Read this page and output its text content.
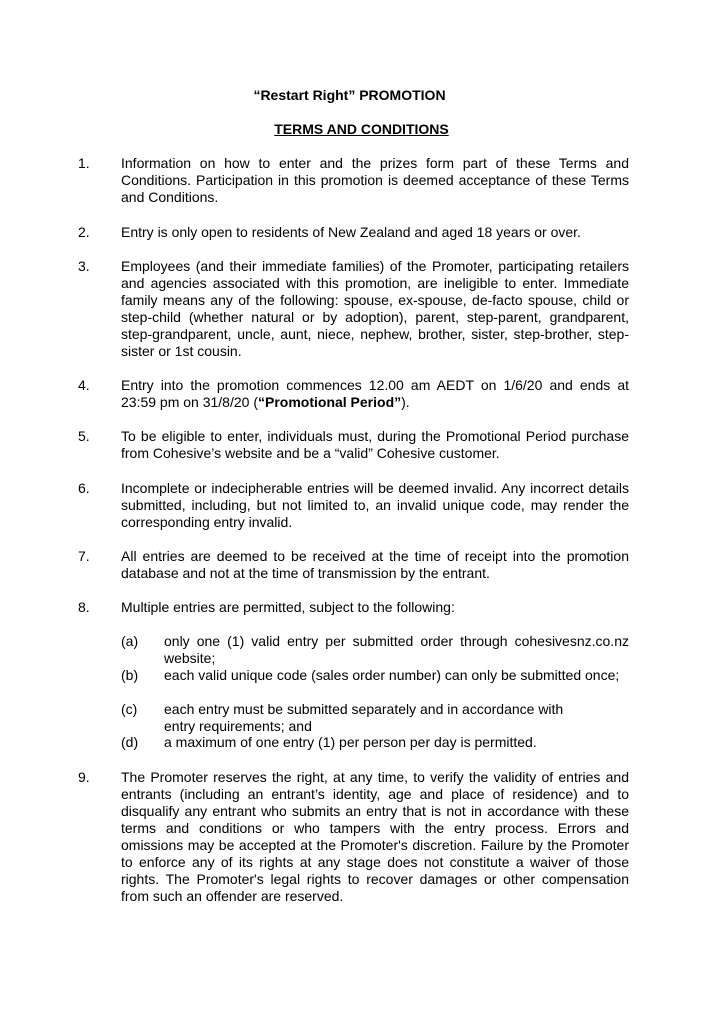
“Restart Right” PROMOTION
TERMS AND CONDITIONS
1.	Information on how to enter and the prizes form part of these Terms and Conditions. Participation in this promotion is deemed acceptance of these Terms and Conditions.
2.	Entry is only open to residents of New Zealand and aged 18 years or over.
3.	Employees (and their immediate families) of the Promoter, participating retailers and agencies associated with this promotion, are ineligible to enter. Immediate family means any of the following: spouse, ex-spouse, de-facto spouse, child or step-child (whether natural or by adoption), parent, step-parent, grandparent, step-grandparent, uncle, aunt, niece, nephew, brother, sister, step-brother, step-sister or 1st cousin.
4.	Entry into the promotion commences 12.00 am AEDT on 1/6/20 and ends at 23:59 pm on 31/8/20 (“Promotional Period”).
5.	To be eligible to enter, individuals must, during the Promotional Period purchase from Cohesive’s website and be a “valid” Cohesive customer.
6.	Incomplete or indecipherable entries will be deemed invalid. Any incorrect details submitted, including, but not limited to, an invalid unique code, may render the corresponding entry invalid.
7.	All entries are deemed to be received at the time of receipt into the promotion database and not at the time of transmission by the entrant.
8.	Multiple entries are permitted, subject to the following:
(a) only one (1) valid entry per submitted order through cohesivesnz.co.nz website;
(b) each valid unique code (sales order number) can only be submitted once;
(c) each entry must be submitted separately and in accordance with entry requirements; and
(d) a maximum of one entry (1) per person per day is permitted.
9.	The Promoter reserves the right, at any time, to verify the validity of entries and entrants (including an entrant’s identity, age and place of residence) and to disqualify any entrant who submits an entry that is not in accordance with these terms and conditions or who tampers with the entry process. Errors and omissions may be accepted at the Promoter's discretion. Failure by the Promoter to enforce any of its rights at any stage does not constitute a waiver of those rights. The Promoter's legal rights to recover damages or other compensation from such an offender are reserved.
